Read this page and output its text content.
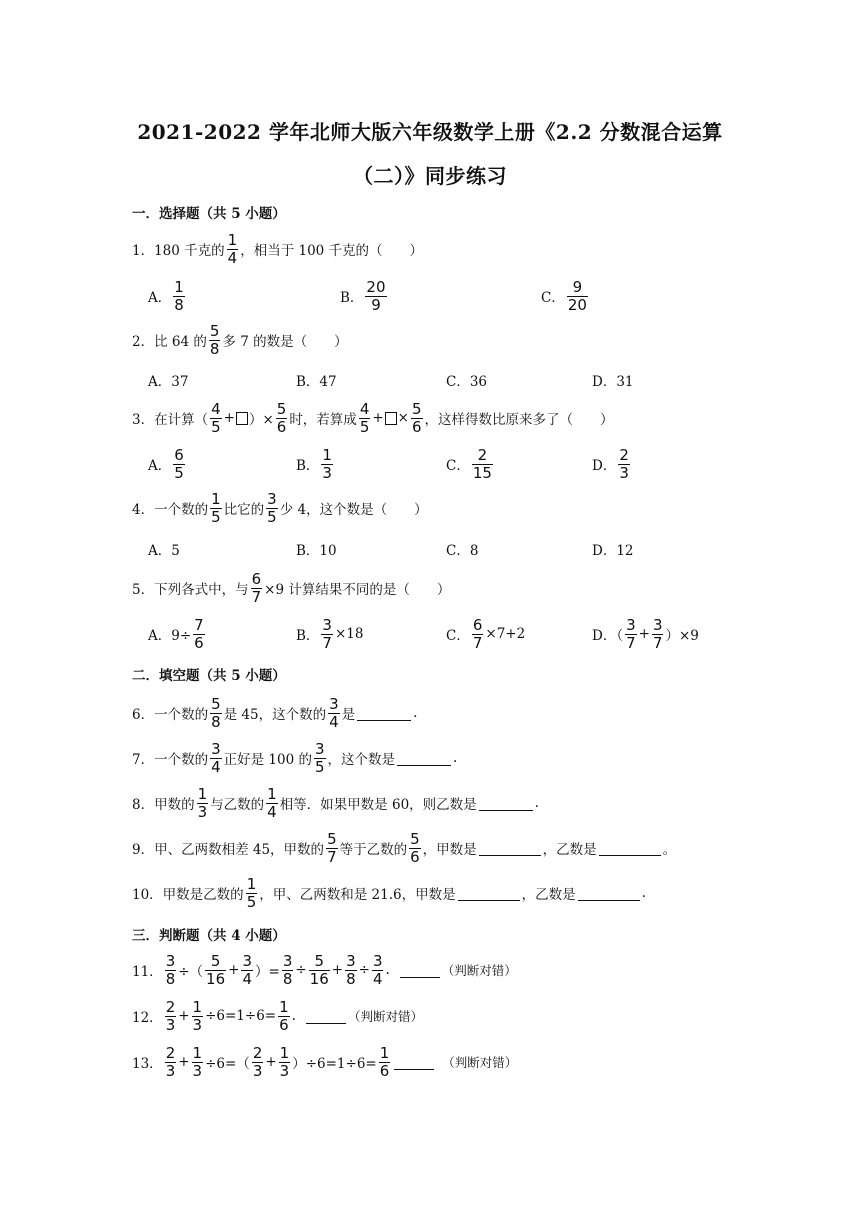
2021-2022 学年北师大版六年级数学上册《2.2 分数混合运算
（二）》同步练习
一．选择题（共 5 小题）
1．180 千克的 $\frac{1}{4}$ ，相当于 100 千克的（　　）
A． $\frac{1}{8}$	B． $\frac{20}{9}$	C． $\frac{9}{20}$
2．比 64 的 $\frac{5}{8}$ 多 7 的数是（　　）
A．37	B．47	C．36	D．31
3．在计算（ $\frac{4}{5}$ + ）× $\frac{5}{6}$ 时，若算成 $\frac{4}{5}$ + × $\frac{5}{6}$ ，这样得数比原来多了（　　）
A． $\frac{6}{5}$	B． $\frac{1}{3}$	C． $\frac{2}{15}$	D． $\frac{2}{3}$
4．一个数的 $\frac{1}{5}$ 比它的 $\frac{3}{5}$ 少 4，这个数是（　　）
A．5	B．10	C．8	D．12
5．下列各式中，与 $\frac{6}{7} \times 9$ 计算结果不同的是（　　）
A．$9\div \frac{7}{6}$	B． $\frac{3}{7} \times 18$	C． $\frac{6}{7} \times 7+2$	D．（ $\frac{3}{7} + \frac{3}{7} )\times 9$
二．填空题（共 5 小题）
6．一个数的 $\frac{5}{8}$ 是 45，这个数的 $\frac{3}{4}$ 是	.
7．一个数的 $\frac{3}{4}$ 正好是 100 的 $\frac{3}{5}$ ，这个数是	.
8．甲数的 $\frac{1}{3}$ 与乙数的 $\frac{1}{4}$ 相等．如果甲数是 60，则乙数是	.
9．甲、乙两数相差 45，甲数的 $\frac{5}{7}$ 等于乙数的 $\frac{5}{6}$ ，甲数是	，乙数是	。
10．甲数是乙数的 $\frac{1}{5}$ ，甲、乙两数和是 21.6，甲数是	，乙数是	.
三．判断题（共 4 小题）
11． $\frac{3}{8}$ ÷（ $\frac{5}{16} + \frac{3}{4}$ ）= $\frac{3}{8} \div \frac{5}{16} + \frac{3}{8} \div \frac{3}{4}$ .	（判断对错）
12． $\frac{2}{3} + \frac{1}{3} \div 6=1\div 6= \frac{1}{6}$ .	（判断对错）
13． $\frac{2}{3} + \frac{1}{3} \div 6=( \frac{2}{3} + \frac{1}{3} )\div 6=1\div 6= \frac{1}{6}$	（判断对错）
